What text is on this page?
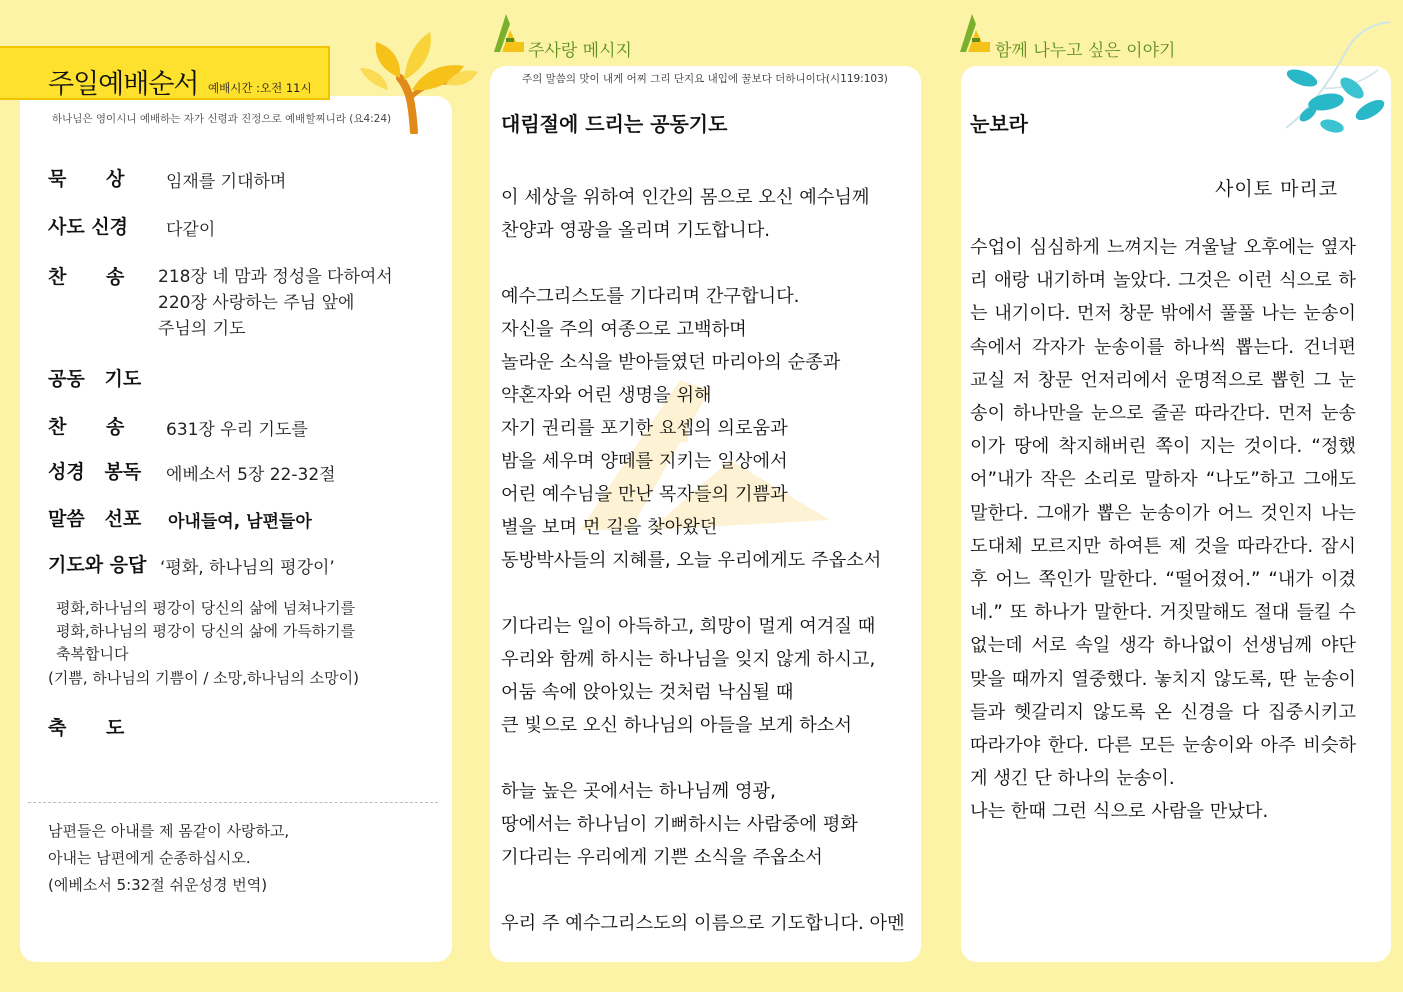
주일예배순서 예배시간 :오전 11시
하나님은 영이시니 예배하는 자가 신령과 진정으로 예배할찌니라 (요4:24)
묵      상	임재를 기대하며
사도 신경	다같이
찬      송	218장 네 맘과 정성을 다하여서
220장 사랑하는 주님 앞에
주님의 기도
공동   기도
찬      송	631장 우리 기도를
성경   봉독	에베소서 5장 22-32절
말씀   선포	아내들여, 남편들아
기도와 응답 ‘평화, 하나님의 평강이’
평화,하나님의 평강이 당신의 삶에 넘쳐나기를
평화,하나님의 평강이 당신의 삶에 가득하기를
축복합니다
(기쁨, 하나님의 기쁨이 / 소망,하나님의 소망이)
축      도
남편들은 아내를 제 몸같이 사랑하고,
아내는 남편에게 순종하십시오.
(에베소서 5:32절 쉬운성경 번역)
주사랑 메시지
주의 말씀의 맛이 내게 어찌 그리 단지요 내입에 꿀보다 더하니이다(시119:103)
대림절에 드리는 공동기도
이 세상을 위하여 인간의 몸으로 오신 예수님께
찬양과 영광을 올리며 기도합니다.

예수그리스도를 기다리며 간구합니다.
자신을 주의 여종으로 고백하며
놀라운 소식을 받아들였던 마리아의 순종과
약혼자와 어린 생명을 위해
자기 권리를 포기한 요셉의 의로움과
밤을 세우며 양떼를 지키는 일상에서
어린 예수님을 만난 목자들의 기쁨과
별을 보며 먼 길을 찾아왔던
동방박사들의 지혜를, 오늘 우리에게도 주옵소서

기다리는 일이 아득하고, 희망이 멀게 여겨질 때
우리와 함께 하시는 하나님을 잊지 않게 하시고,
어둠 속에 앉아있는 것처럼 낙심될 때
큰 빛으로 오신 하나님의 아들을 보게 하소서

하늘 높은 곳에서는 하나님께 영광,
땅에서는 하나님이 기뻐하시는 사람중에 평화
기다리는 우리에게 기쁜 소식을 주옵소서

우리 주 예수그리스도의 이름으로 기도합니다. 아멘
함께 나누고 싶은 이야기
눈보라
사이토 마리코
수업이 심심하게 느껴지는 겨울날 오후에는 옆자리 애랑 내기하며 놀았다. 그것은 이런 식으로 하는 내기이다. 먼저 창문 밖에서 풀풀 나는 눈송이 속에서 각자가 눈송이를 하나씩 뽑는다. 건너편 교실 저 창문 언저리에서 운명적으로 뽑힌 그 눈송이 하나만을 눈으로 줄곧 따라간다. 먼저 눈송이가 땅에 착지해버린 쪽이 지는 것이다. “정했어”내가 작은 소리로 말하자 “나도”하고 그애도 말한다. 그애가 뽑은 눈송이가 어느 것인지 나는 도대체 모르지만 하여튼 제 것을 따라간다. 잠시 후 어느 쪽인가 말한다. “떨어졌어.” “내가 이겼네.” 또 하나가 말한다. 거짓말해도 절대 들킬 수 없는데 서로 속일 생각 하나없이 선생님께 야단맞을 때까지 열중했다. 놓치지 않도록, 딴 눈송이들과 헷갈리지 않도록 온 신경을 다 집중시키고 따라가야 한다. 다른 모든 눈송이와 아주 비슷하게 생긴 단 하나의 눈송이.
나는 한때 그런 식으로 사람을 만났다.
